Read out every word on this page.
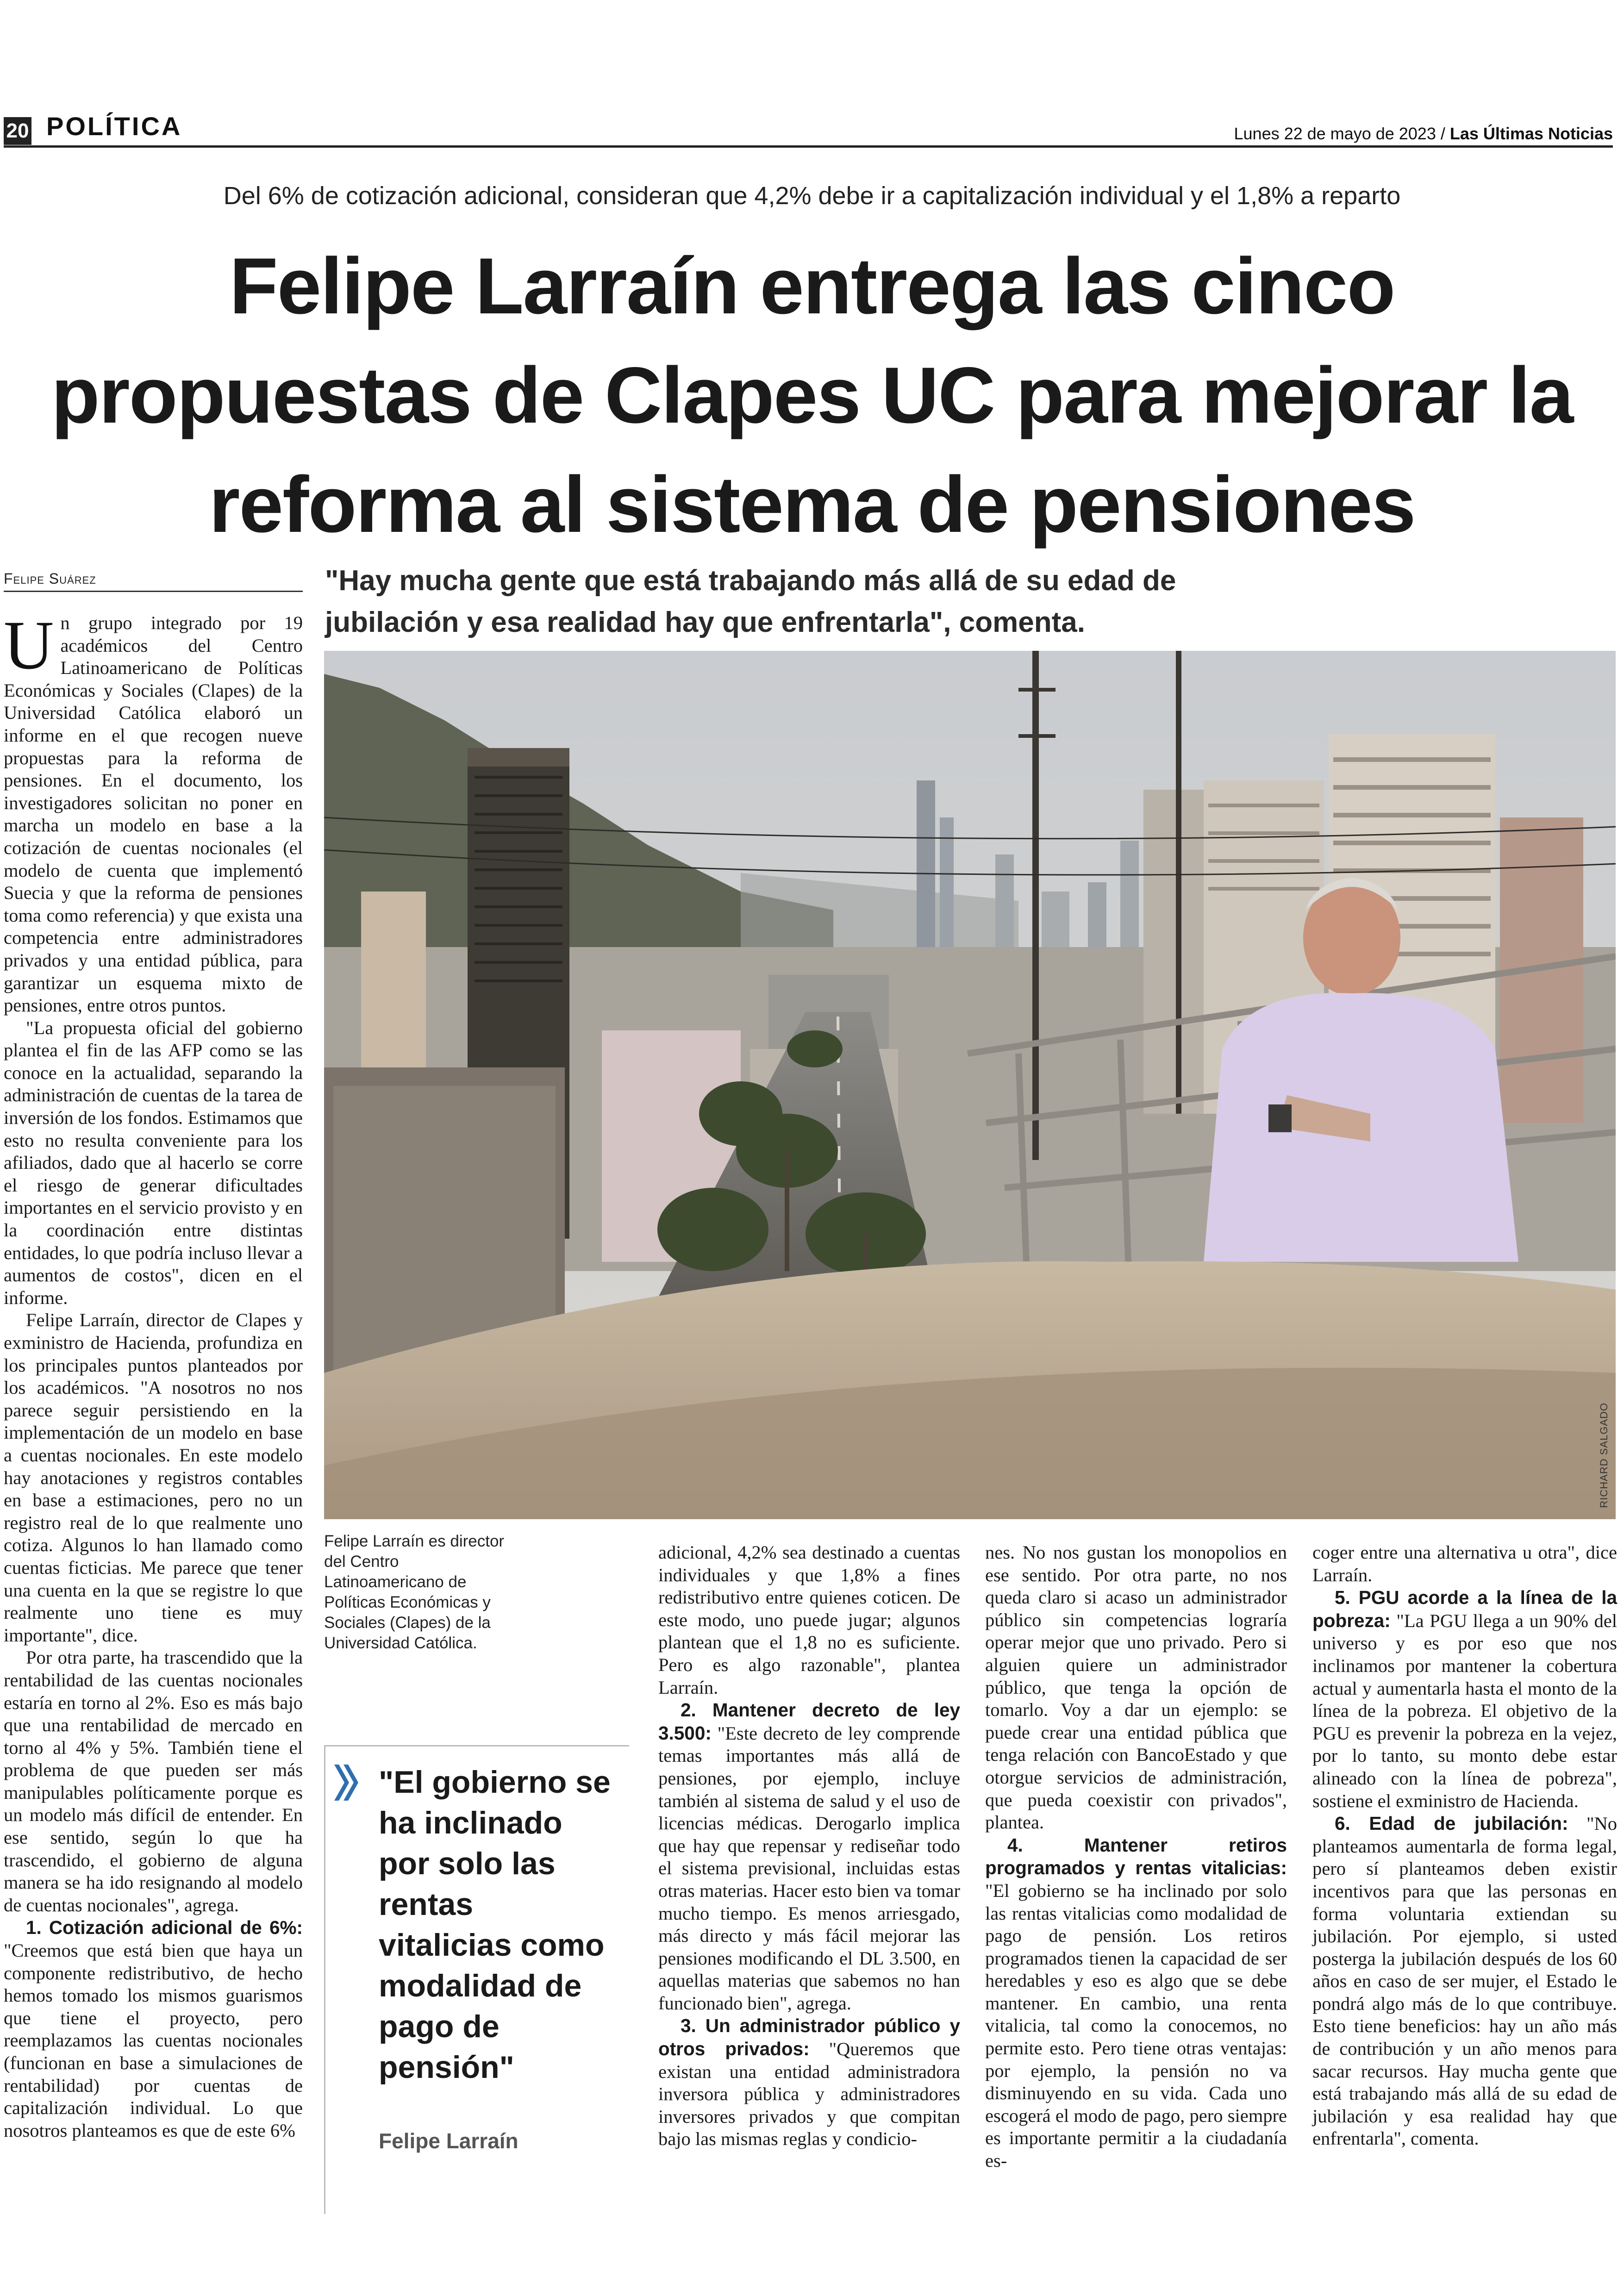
20 POLÍTICA	Lunes 22 de mayo de 2023 / Las Últimas Noticias
Del 6% de cotización adicional, consideran que 4,2% debe ir a capitalización individual y el 1,8% a reparto
Felipe Larraín entrega las cinco
propuestas de Clapes UC para mejorar la
reforma al sistema de pensiones
Felipe Suárez	"Hay mucha gente que está trabajando más allá de su edad de jubilación y esa realidad hay que enfrentarla", comenta.
RICHARD SALGADO

Un grupo integrado por 19 académicos del Centro Latinoamericano de Políticas Económicas y Sociales (Clapes) de la Universidad Católica elaboró un informe en el que recogen nueve propuestas para la reforma de pensiones. En el documento, los investigadores solicitan no poner en marcha un modelo en base a la cotización de cuentas nocionales (el modelo de cuenta que implementó Suecia y que la reforma de pensiones toma como referencia) y que exista una competencia entre administradores privados y una entidad pública, para garantizar un esquema mixto de pensiones, entre otros puntos.

"La propuesta oficial del gobierno plantea el fin de las AFP como se las conoce en la actualidad, separando la administración de cuentas de la tarea de inversión de los fondos. Estimamos que esto no resulta conveniente para los afiliados, dado que al hacerlo se corre el riesgo de generar dificultades importantes en el servicio provisto y en la coordinación entre distintas entidades, lo que podría incluso llevar a aumentos de costos", dicen en el informe.

Felipe Larraín, director de Clapes y exministro de Hacienda, profundiza en los principales puntos planteados por los académicos. "A nosotros no nos parece seguir persistiendo en la implementación de un modelo en base a cuentas nocionales. En este modelo hay anotaciones y registros contables en base a estimaciones, pero no un registro real de lo que realmente uno cotiza. Algunos lo han llamado como cuentas ficticias. Me parece que tener una cuenta en la que se registre lo que realmente uno tiene es muy importante", dice.

Por otra parte, ha trascendido que la rentabilidad de las cuentas nocionales estaría en torno al 2%. Eso es más bajo que una rentabilidad de mercado en torno al 4% y 5%. También tiene el problema de que pueden ser más manipulables políticamente porque es un modelo más difícil de entender. En ese sentido, según lo que ha trascendido, el gobierno de alguna manera se ha ido resignando al modelo de cuentas nocionales", agrega.

1. Cotización adicional de 6%: "Creemos que está bien que haya un componente redistributivo, de hecho hemos tomado los mismos guarismos que tiene el proyecto, pero reemplazamos las cuentas nocionales (funcionan en base a simulaciones de rentabilidad) por cuentas de capitalización individual. Lo que nosotros planteamos es que de este 6%

Felipe Larraín es director del Centro Latinoamericano de Políticas Económicas y Sociales (Clapes) de la Universidad Católica.
"El gobierno se ha inclinado por solo las rentas vitalicias como modalidad de pago de pensión"
Felipe Larraín

adicional, 4,2% sea destinado a cuentas individuales y que 1,8% a fines redistributivo entre quienes coticen. De este modo, uno puede jugar; algunos plantean que el 1,8 no es suficiente. Pero es algo razonable", plantea Larraín.

2. Mantener decreto de ley 3.500: "Este decreto de ley comprende temas importantes más allá de pensiones, por ejemplo, incluye también al sistema de salud y el uso de licencias médicas. Derogarlo implica que hay que repensar y rediseñar todo el sistema previsional, incluidas estas otras materias. Hacer esto bien va tomar mucho tiempo. Es menos arriesgado, más directo y más fácil mejorar las pensiones modificando el DL 3.500, en aquellas materias que sabemos no han funcionado bien", agrega.

3. Un administrador público y otros privados: "Queremos que existan una entidad administradora inversora pública y administradores inversores privados y que compitan bajo las mismas reglas y condicio-

nes. No nos gustan los monopolios en ese sentido. Por otra parte, no nos queda claro si acaso un administrador público sin competencias lograría operar mejor que uno privado. Pero si alguien quiere un administrador público, que tenga la opción de tomarlo. Voy a dar un ejemplo: se puede crear una entidad pública que tenga relación con BancoEstado y que otorgue servicios de administración, que pueda coexistir con privados", plantea.

4. Mantener retiros programados y rentas vitalicias: "El gobierno se ha inclinado por solo las rentas vitalicias como modalidad de pago de pensión. Los retiros programados tienen la capacidad de ser heredables y eso es algo que se debe mantener. En cambio, una renta vitalicia, tal como la conocemos, no permite esto. Pero tiene otras ventajas: por ejemplo, la pensión no va disminuyendo en su vida. Cada uno escogerá el modo de pago, pero siempre es importante permitir a la ciudadanía es-

coger entre una alternativa u otra", dice Larraín.

5. PGU acorde a la línea de la pobreza: "La PGU llega a un 90% del universo y es por eso que nos inclinamos por mantener la cobertura actual y aumentarla hasta el monto de la línea de la pobreza. El objetivo de la PGU es prevenir la pobreza en la vejez, por lo tanto, su monto debe estar alineado con la línea de pobreza", sostiene el exministro de Hacienda.

6. Edad de jubilación: "No planteamos aumentarla de forma legal, pero sí planteamos deben existir incentivos para que las personas en forma voluntaria extiendan su jubilación. Por ejemplo, si usted posterga la jubilación después de los 60 años en caso de ser mujer, el Estado le pondrá algo más de lo que contribuye. Esto tiene beneficios: hay un año más de contribución y un año menos para sacar recursos. Hay mucha gente que está trabajando más allá de su edad de jubilación y esa realidad hay que enfrentarla", comenta.
